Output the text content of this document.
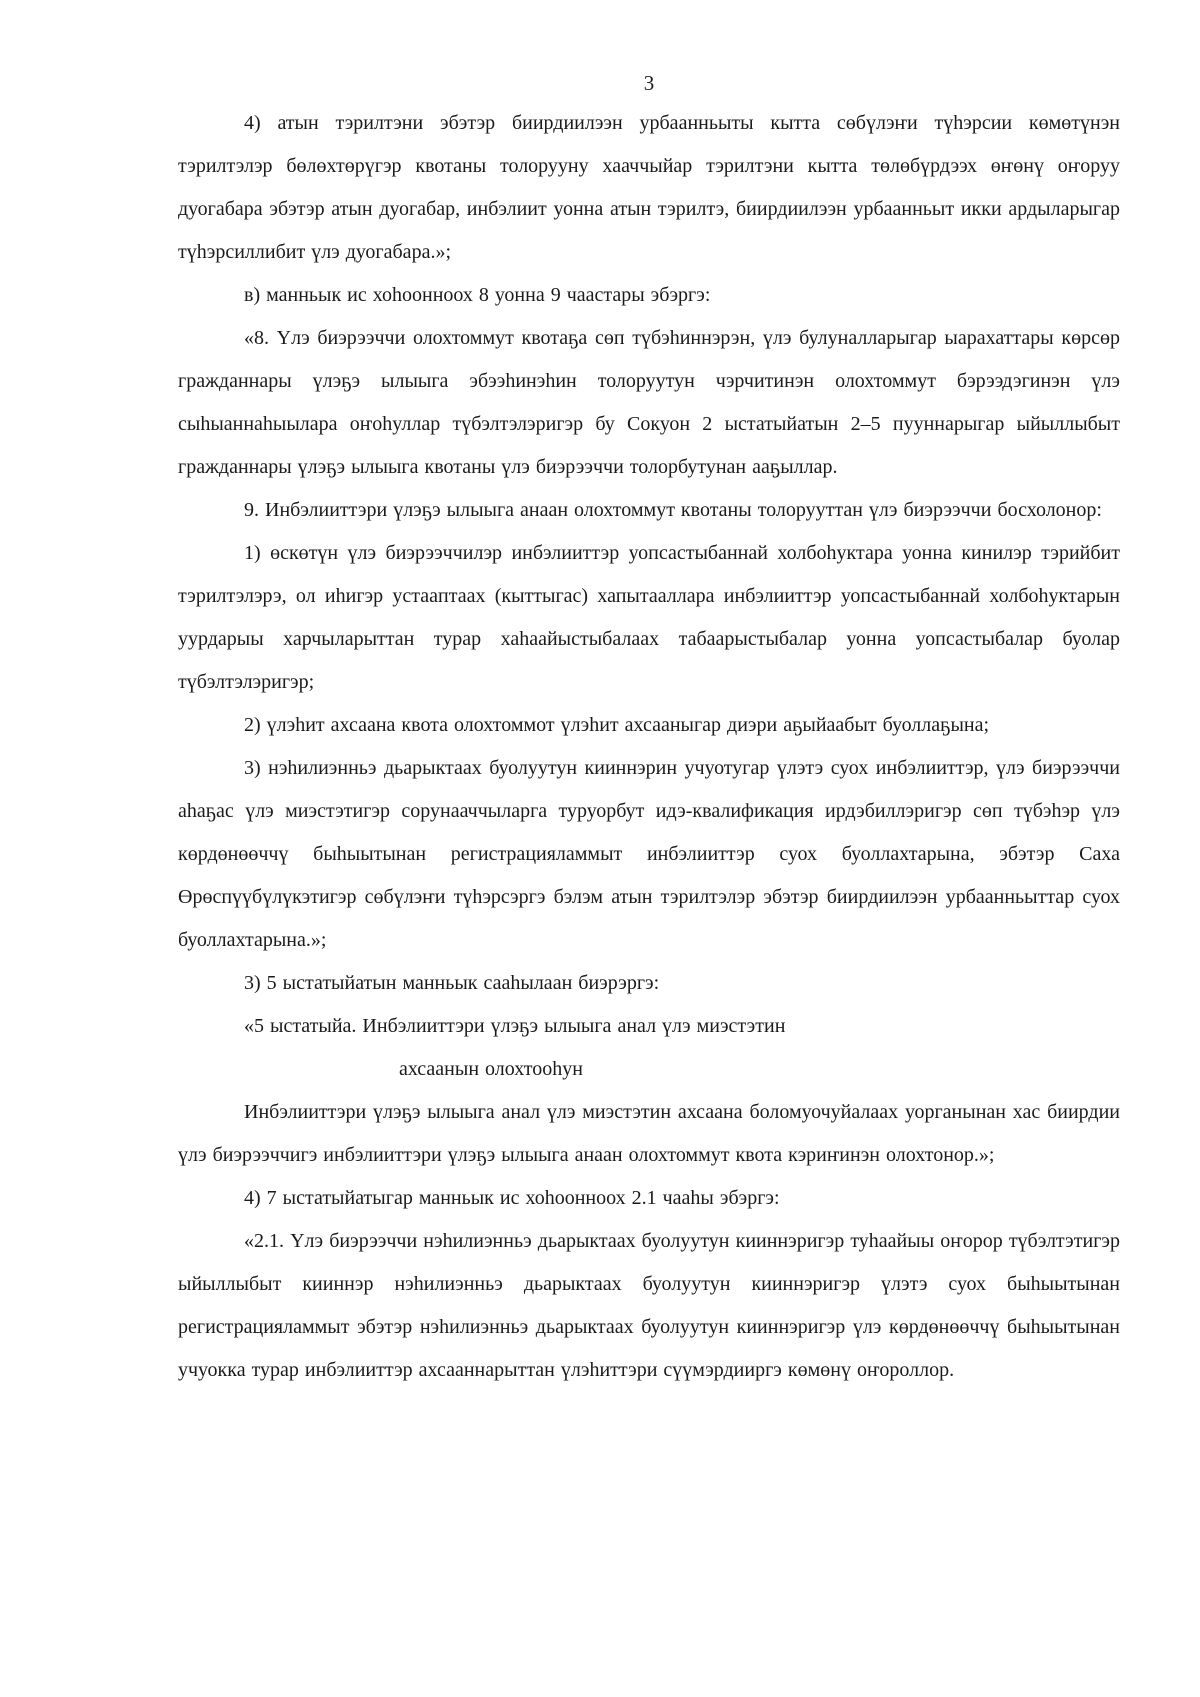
3

4) атын тэрилтэни эбэтэр биирдиилээн урбаанньыты кытта сөбүлэҥи түһэрсии көмөтүнэн тэрилтэлэр бөлөхтөрүгэр квотаны толорууну хааччыйар тэрилтэни кытта төлөбүрдээх өҥөнү оҥоруу дуогабара эбэтэр атын дуогабар, инбэлиит уонна атын тэрилтэ, биирдиилээн урбаанньыт икки ардыларыгар түһэрсиллибит үлэ дуогабара.»;

в) манньык ис хоһоонноох 8 уонна 9 чаастары эбэргэ:

«8. Үлэ биэрээччи олохтоммут квотаҕа сөп түбэһиннэрэн, үлэ булуналларыгар ыарахаттары көрсөр гражданнары үлэҕэ ылыыга эбээһинэһин толоруутун чэрчитинэн олохтоммут бэрээдэгинэн үлэ сыһыаннаһыылара оҥоһуллар түбэлтэлэригэр бу Сокуон 2 ыстатыйатын 2–5 пууннарыгар ыйыллыбыт гражданнары үлэҕэ ылыыга квотаны үлэ биэрээччи толорбутунан ааҕыллар.

9. Инбэлииттэри үлэҕэ ылыыга анаан олохтоммут квотаны толорууттан үлэ биэрээччи босхолонор:

1) өскөтүн үлэ биэрээччилэр инбэлииттэр уопсастыбаннай холбоһуктара уонна кинилэр тэрийбит тэрилтэлэрэ, ол иһигэр устаaптаах (кыттыгас) хапытааллара инбэлииттэр уопсастыбаннай холбоһуктарын уурдарыы харчыларыттан турар хаһаайыстыбалаах табаарыстыбалар уонна уопсастыбалар буолар түбэлтэлэригэр;

2) үлэһит ахсаана квота олохтоммот үлэһит ахсааныгар диэри аҕыйаабыт буоллаҕына;

3) нэһилиэнньэ дьарыктаах буолуутун кииннэрин учуотугар үлэтэ суох инбэлииттэр, үлэ биэрээччи аһаҕас үлэ миэстэтигэр сорунааччыларга туруорбут идэ-квалификация ирдэбиллэригэр сөп түбэһэр үлэ көрдөнөөччү быһыытынан регистрацияламмыт инбэлииттэр суох буоллахтарына, эбэтэр Саха Өрөспүүбүлүкэтигэр сөбүлэҥи түһэрсэргэ бэлэм атын тэрилтэлэр эбэтэр биирдиилээн урбаанньыттар суох буоллахтарына.»;

3) 5 ыстатыйатын манньык сааһылаан биэрэргэ:

«5 ыстатыйа. Инбэлииттэри үлэҕэ ылыыга анал үлэ миэстэтин

ахсаанын олохтооһун

Инбэлииттэри үлэҕэ ылыыга анал үлэ миэстэтин ахсаана боломуочуйалаах уорганынан хас биирдии үлэ биэрээччигэ инбэлииттэри үлэҕэ ылыыга анаан олохтоммут квота кэриҥинэн олохтонор.»;

4) 7 ыстатыйатыгар манньык ис хоһоонноох 2.1 чааһы эбэргэ:

«2.1. Үлэ биэрээччи нэһилиэнньэ дьарыктаах буолуутун кииннэригэр туһаайыы оҥорор түбэлтэтигэр ыйыллыбыт кииннэр нэһилиэнньэ дьарыктаах буолуутун кииннэригэр үлэтэ суох быһыытынан регистрацияламмыт эбэтэр нэһилиэнньэ дьарыктаах буолуутун кииннэригэр үлэ көрдөнөөччү быһыытынан учуокка турар инбэлииттэр ахсааннарыттан үлэһиттэри сүүмэрдииргэ көмөнү оҥороллор.
